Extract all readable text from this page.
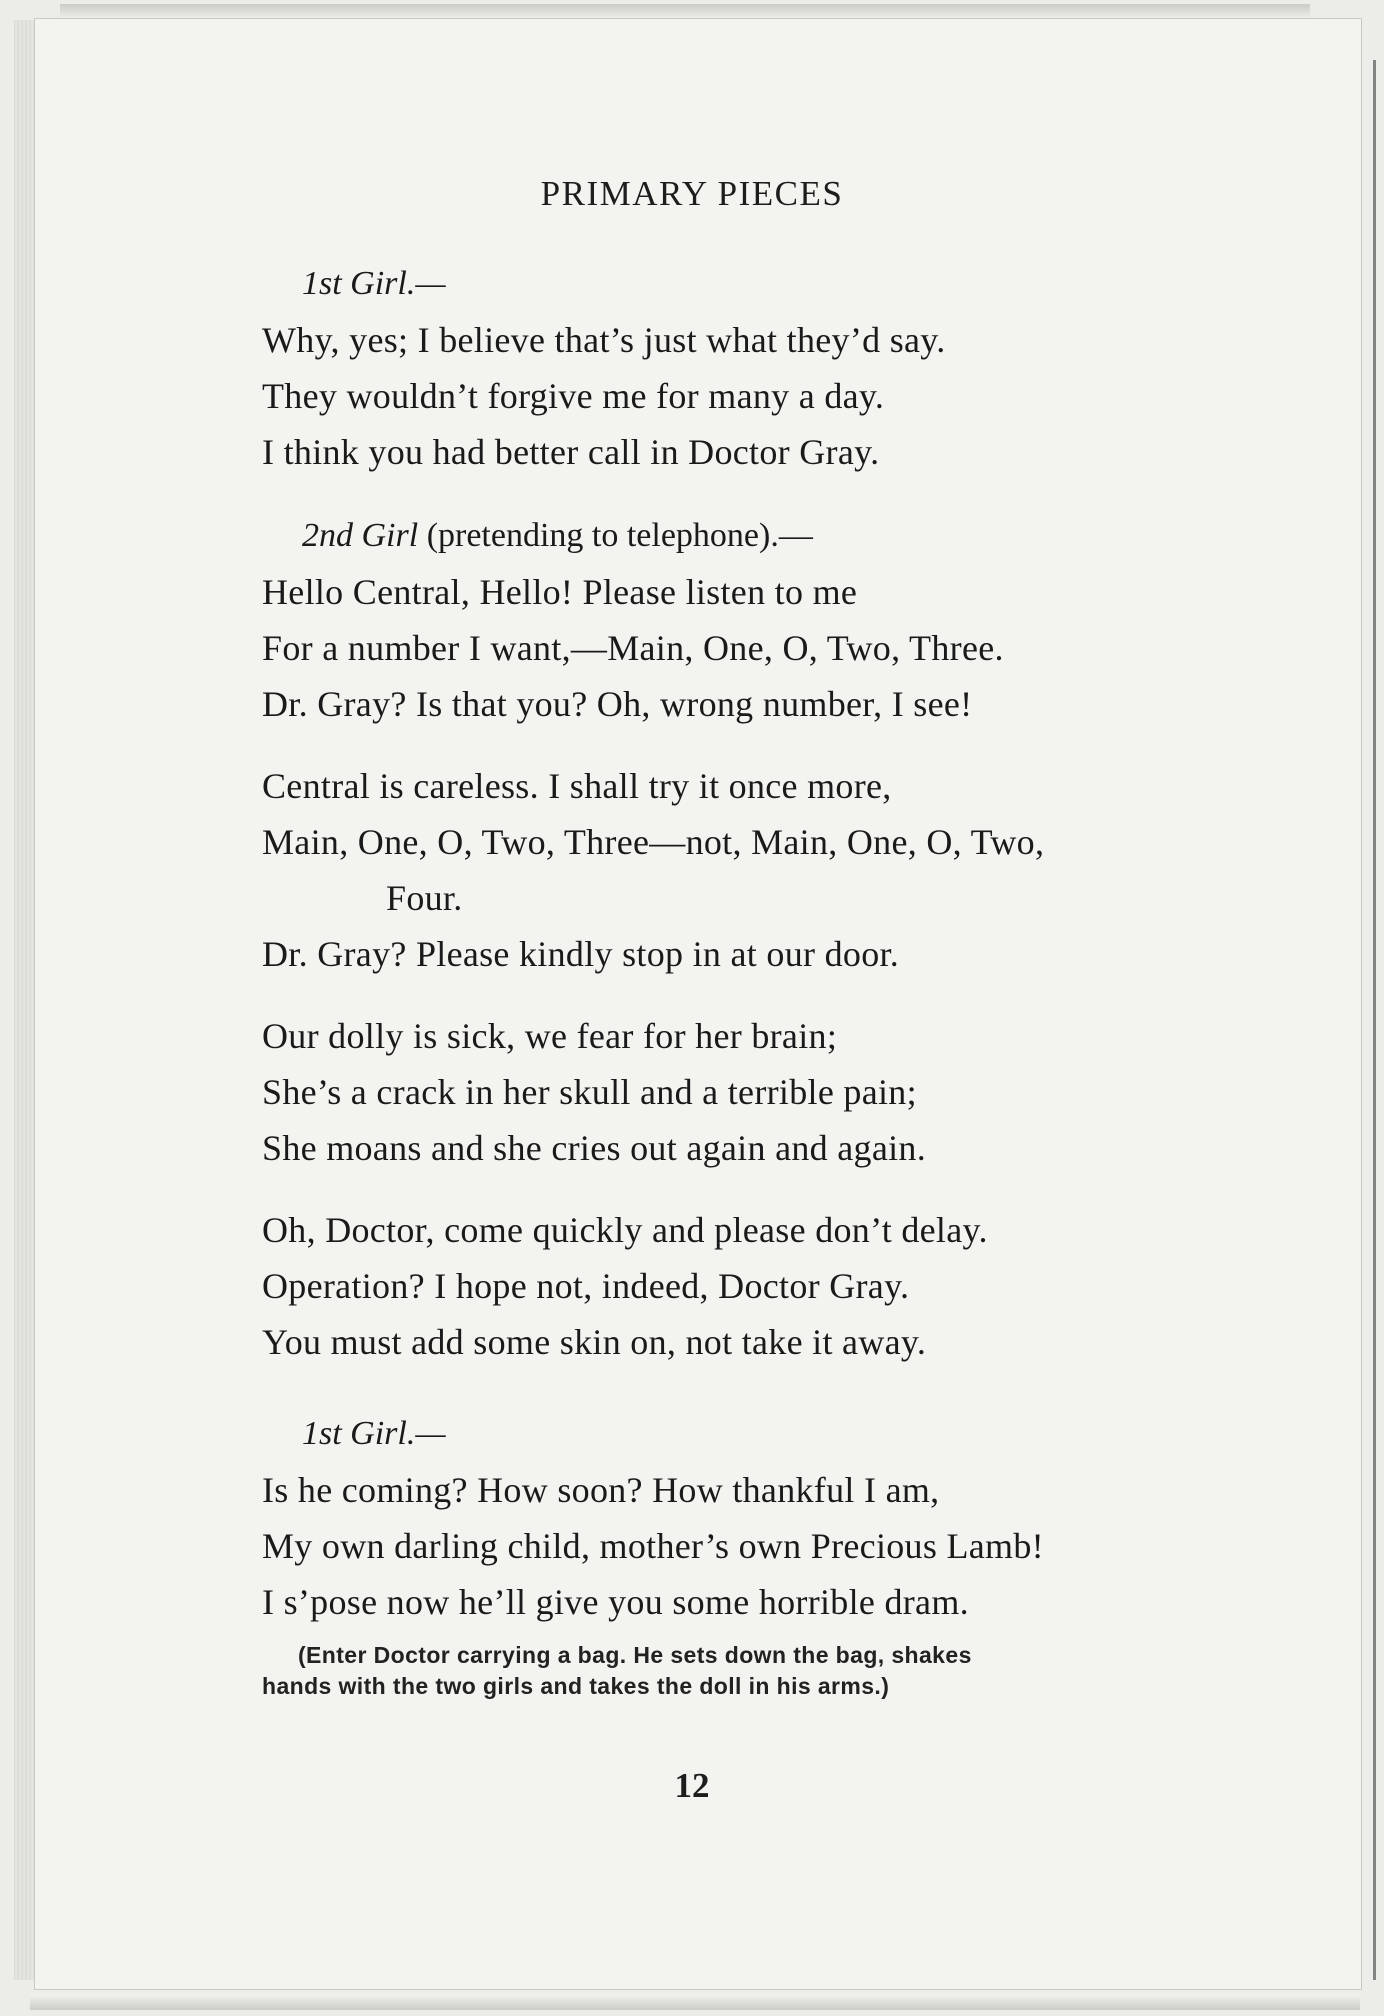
PRIMARY PIECES
1st Girl.—
Why, yes; I believe that’s just what they’d say.
They wouldn’t forgive me for many a day.
I think you had better call in Doctor Gray.
2nd Girl (pretending to telephone).—
Hello Central, Hello! Please listen to me
For a number I want,—Main, One, O, Two, Three.
Dr. Gray? Is that you? Oh, wrong number, I see!
Central is careless. I shall try it once more,
Main, One, O, Two, Three—not, Main, One, O, Two,
Four.
Dr. Gray? Please kindly stop in at our door.
Our dolly is sick, we fear for her brain;
She’s a crack in her skull and a terrible pain;
She moans and she cries out again and again.
Oh, Doctor, come quickly and please don’t delay.
Operation? I hope not, indeed, Doctor Gray.
You must add some skin on, not take it away.
1st Girl.—
Is he coming? How soon? How thankful I am,
My own darling child, mother’s own Precious Lamb!
I s’pose now he’ll give you some horrible dram.
(Enter Doctor carrying a bag. He sets down the bag, shakes
hands with the two girls and takes the doll in his arms.)
12
